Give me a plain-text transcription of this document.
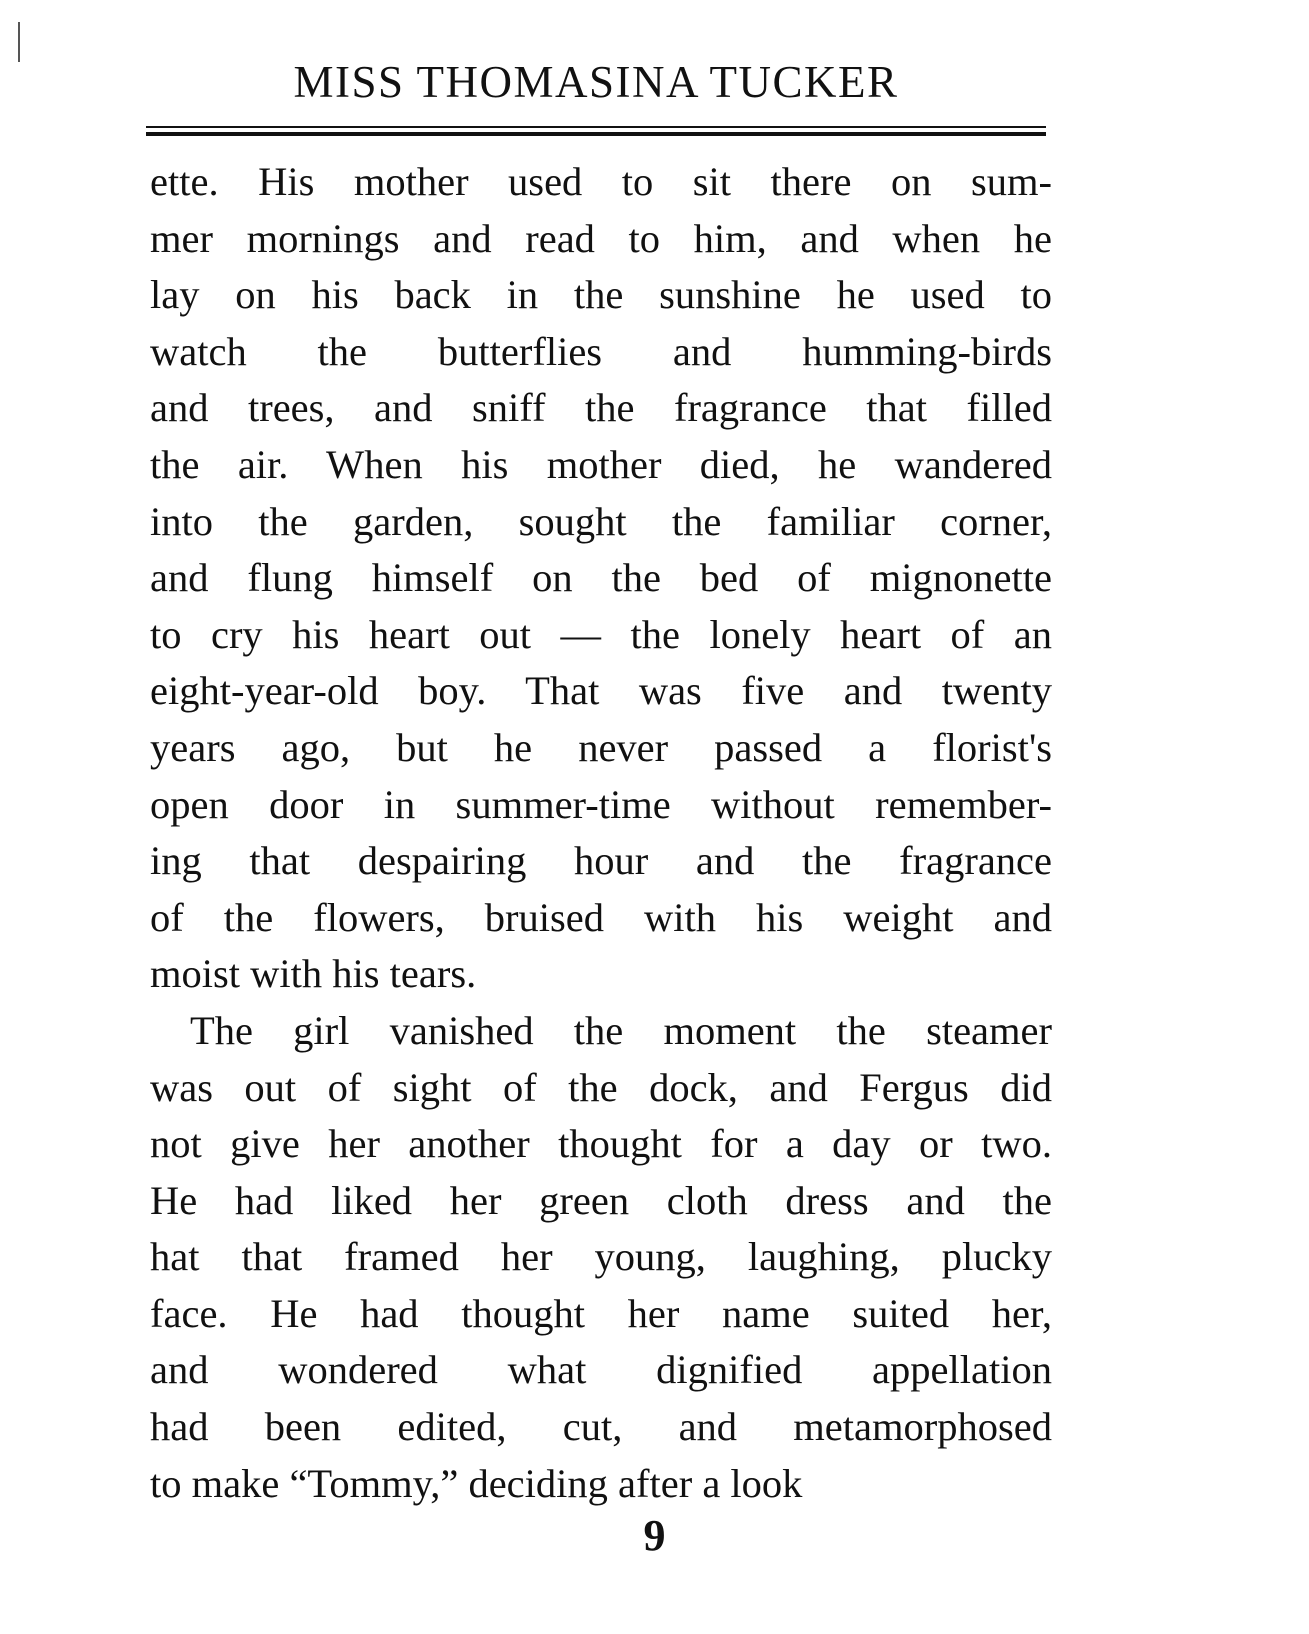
MISS THOMASINA TUCKER
ette. His mother used to sit there on sum-
mer mornings and read to him, and when he
lay on his back in the sunshine he used to
watch the butterflies and humming-birds
and trees, and sniff the fragrance that filled
the air. When his mother died, he wandered
into the garden, sought the familiar corner,
and flung himself on the bed of mignonette
to cry his heart out — the lonely heart of an
eight-year-old boy. That was five and twenty
years ago, but he never passed a florist's
open door in summer-time without remember-
ing that despairing hour and the fragrance
of the flowers, bruised with his weight and
moist with his tears.
The girl vanished the moment the steamer
was out of sight of the dock, and Fergus did
not give her another thought for a day or two.
He had liked her green cloth dress and the
hat that framed her young, laughing, plucky
face. He had thought her name suited her,
and wondered what dignified appellation
had been edited, cut, and metamorphosed
to make “Tommy,” deciding after a look
9
